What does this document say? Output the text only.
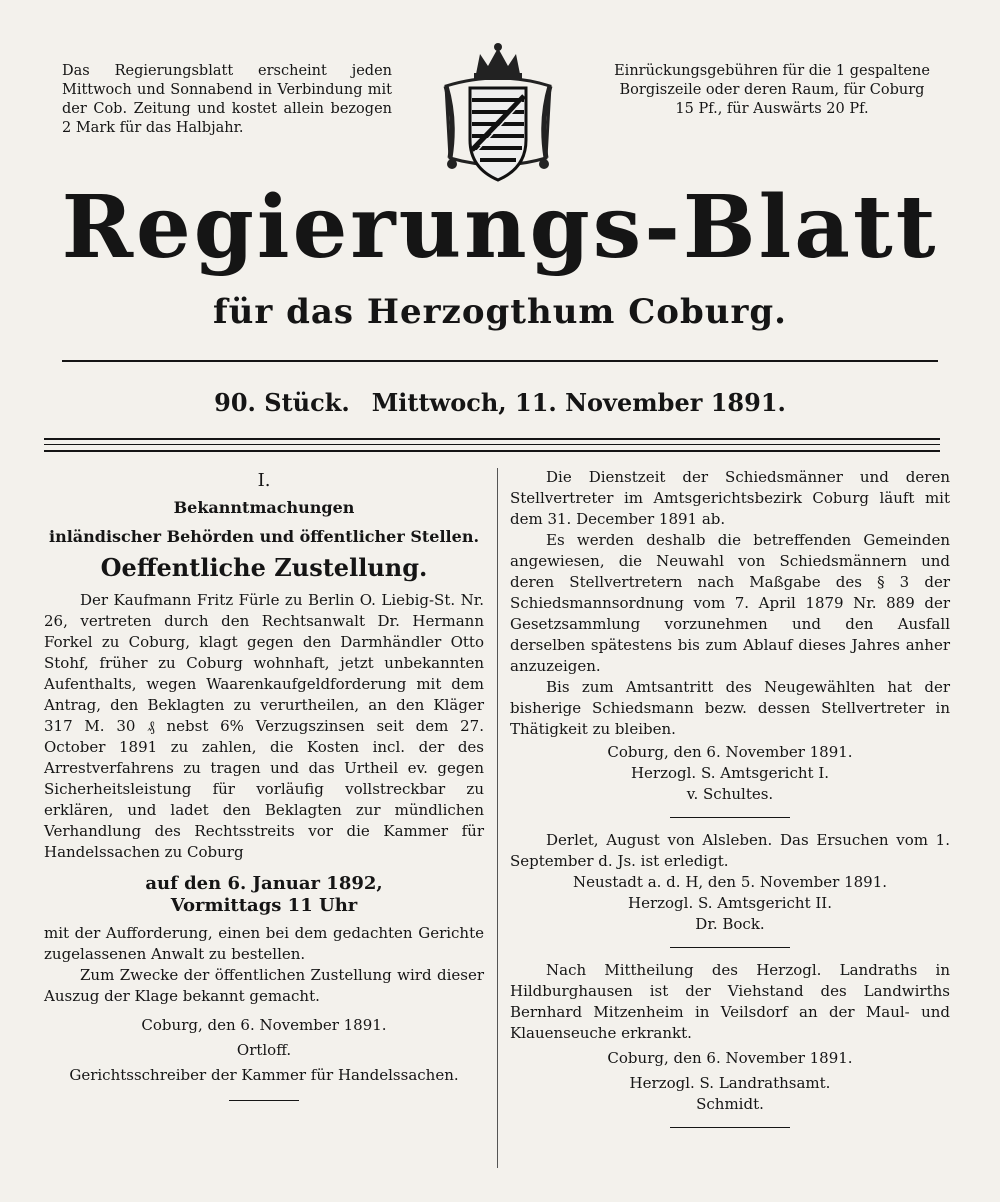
Das Regierungsblatt erscheint jeden Mittwoch und Sonnabend in Verbindung mit der Cob. Zeitung und kostet allein bezogen 2 Mark für das Halbjahr.
Einrückungsgebühren für die 1 gespaltene Borgiszeile oder deren Raum, für Coburg 15 Pf., für Auswärts 20 Pf.
Regierungs-Blatt
für das Herzogthum Coburg.
90. Stück. Mittwoch, 11. November 1891.
I.
Bekanntmachungen
inländischer Behörden und öffentlicher Stellen.
Oeffentliche Zustellung.

Der Kaufmann Fritz Fürle zu Berlin O. Liebig-St. Nr. 26, vertreten durch den Rechtsanwalt Dr. Hermann Forkel zu Coburg, klagt gegen den Darmhändler Otto Stohf, früher zu Coburg wohnhaft, jetzt unbekannten Aufenthalts, wegen Waarenkaufgeldforderung mit dem Antrag, den Beklagten zu verurtheilen, an den Kläger 317 M. 30 ₰ nebst 6% Verzugszinsen seit dem 27. October 1891 zu zahlen, die Kosten incl. der des Arrestverfahrens zu tragen und das Urtheil ev. gegen Sicherheitsleistung für vorläufig vollstreckbar zu erklären, und ladet den Beklagten zur mündlichen Verhandlung des Rechtsstreits vor die Kammer für Handelssachen zu Coburg

auf den 6. Januar 1892,
Vormittags 11 Uhr

mit der Aufforderung, einen bei dem gedachten Gerichte zugelassenen Anwalt zu bestellen.

Zum Zwecke der öffentlichen Zustellung wird dieser Auszug der Klage bekannt gemacht.

Coburg, den 6. November 1891.

Ortloff.

Gerichtsschreiber der Kammer für Handelssachen.

Die Dienstzeit der Schiedsmänner und deren Stellvertreter im Amtsgerichtsbezirk Coburg läuft mit dem 31. December 1891 ab.

Es werden deshalb die betreffenden Gemeinden angewiesen, die Neuwahl von Schiedsmännern und deren Stellvertretern nach Maßgabe des § 3 der Schiedsmannsordnung vom 7. April 1879 Nr. 889 der Gesetzsammlung vorzunehmen und den Ausfall derselben spätestens bis zum Ablauf dieses Jahres anher anzuzeigen.

Bis zum Amtsantritt des Neugewählten hat der bisherige Schiedsmann bezw. dessen Stellvertreter in Thätigkeit zu bleiben.

Coburg, den 6. November 1891.

Herzogl. S. Amtsgericht I.

v. Schultes.

Derlet, August von Alsleben. Das Ersuchen vom 1. September d. Js. ist erledigt.

Neustadt a. d. H, den 5. November 1891.

Herzogl. S. Amtsgericht II.

Dr. Bock.

Nach Mittheilung des Herzogl. Landraths in Hildburghausen ist der Viehstand des Landwirths Bernhard Mitzenheim in Veilsdorf an der Maul- und Klauenseuche erkrankt.

Coburg, den 6. November 1891.

Herzogl. S. Landrathsamt.

Schmidt.
